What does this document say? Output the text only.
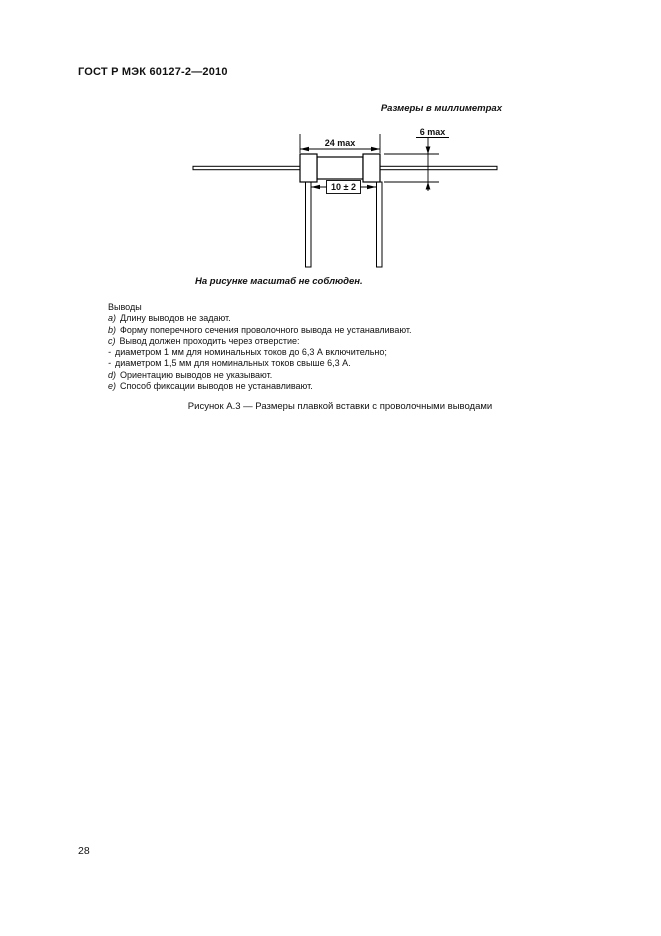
ГОСТ Р МЭК 60127-2—2010
Размеры в миллиметрах
24 max
6 max
10 ± 2
На рисунке масштаб не соблюден.
Выводы
a) Длину выводов не задают.
b) Форму поперечного сечения проволочного вывода не устанавливают.
c) Вывод должен проходить через отверстие:
- диаметром 1 мм для номинальных токов до 6,3 А включительно;
- диаметром 1,5 мм для номинальных токов свыше 6,3 А.
d) Ориентацию выводов не указывают.
e) Способ фиксации выводов не устанавливают.
Рисунок А.3 — Размеры плавкой вставки с проволочными выводами
28
